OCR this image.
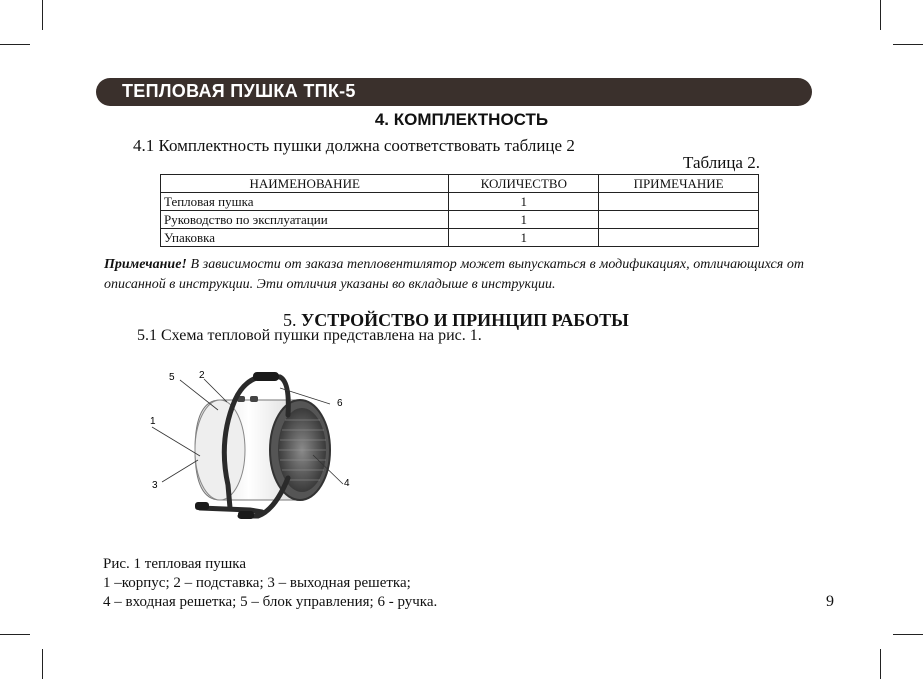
ТЕПЛОВАЯ ПУШКА ТПК-5
4. КОМПЛЕКТНОСТЬ
4.1 Комплектность пушки должна соответствовать таблице 2
Таблица 2.
НАИМЕНОВАНИЕ	КОЛИЧЕСТВО	ПРИМЕЧАНИЕ
Тепловая пушка	1	
Руководство по эксплуатации	1	
Упаковка	1	
Примечание! В зависимости от заказа тепловентилятор может выпускаться в модификациях, отличающихся от описанной в инструкции. Эти отличия указаны во вкладыше в инструкции.
5. УСТРОЙСТВО И ПРИНЦИП РАБОТЫ
5.1 Схема тепловой пушки представлена на рис. 1.
5 2
6
1
3	4
Рис. 1 тепловая пушка
1 –корпус; 2 – подставка; 3 – выходная решетка;
4 – входная решетка; 5 – блок управления; 6 - ручка.	9
